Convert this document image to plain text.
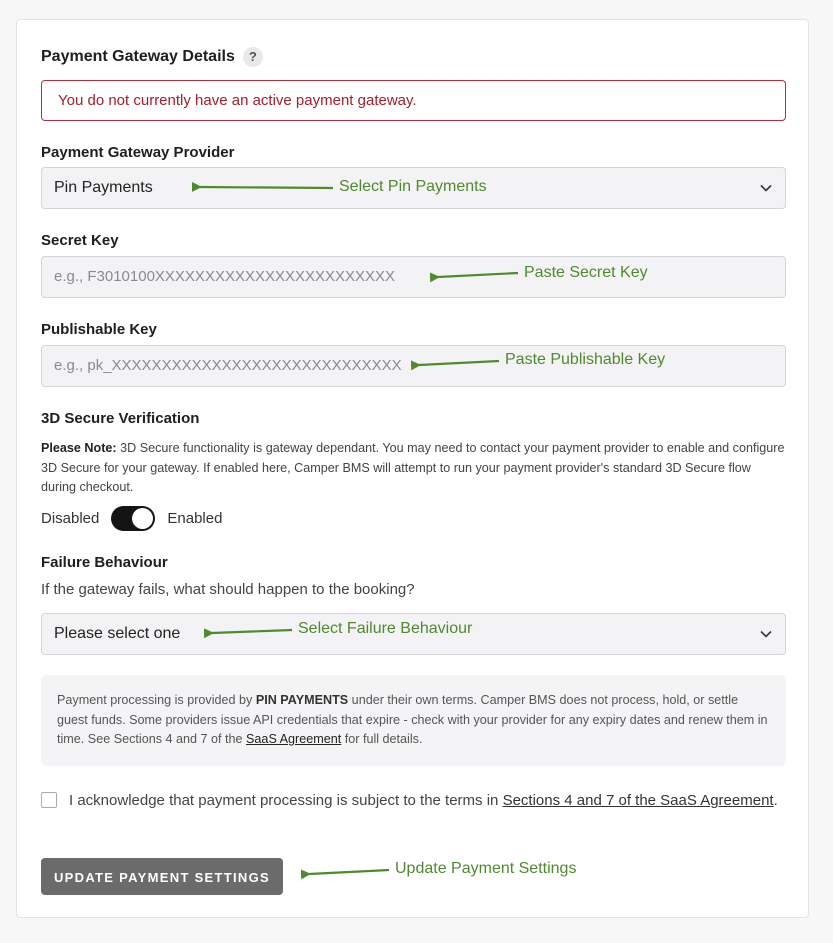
Payment Gateway Details	?
You do not currently have an active payment gateway.
Payment Gateway Provider
Pin Payments
Secret Key
e.g., F3010100XXXXXXXXXXXXXXXXXXXXXXXX
Publishable Key
e.g., pk_XXXXXXXXXXXXXXXXXXXXXXXXXXXXX
3D Secure Verification
Please Note: 3D Secure functionality is gateway dependant. You may need to contact your payment provider to enable and configure 3D Secure for your gateway. If enabled here, Camper BMS will attempt to run your payment provider's standard 3D Secure flow during checkout.
Disabled	Enabled
Failure Behaviour
If the gateway fails, what should happen to the booking?
Please select one
Payment processing is provided by PIN PAYMENTS under their own terms. Camper BMS does not process, hold, or settle guest funds. Some providers issue API credentials that expire - check with your provider for any expiry dates and renew them in time. See Sections 4 and 7 of the SaaS Agreement for full details.
I acknowledge that payment processing is subject to the terms in Sections 4 and 7 of the SaaS Agreement.
UPDATE PAYMENT SETTINGS
Select Pin Payments
Paste Secret Key
Paste Publishable Key
Select Failure Behaviour
Update Payment Settings
